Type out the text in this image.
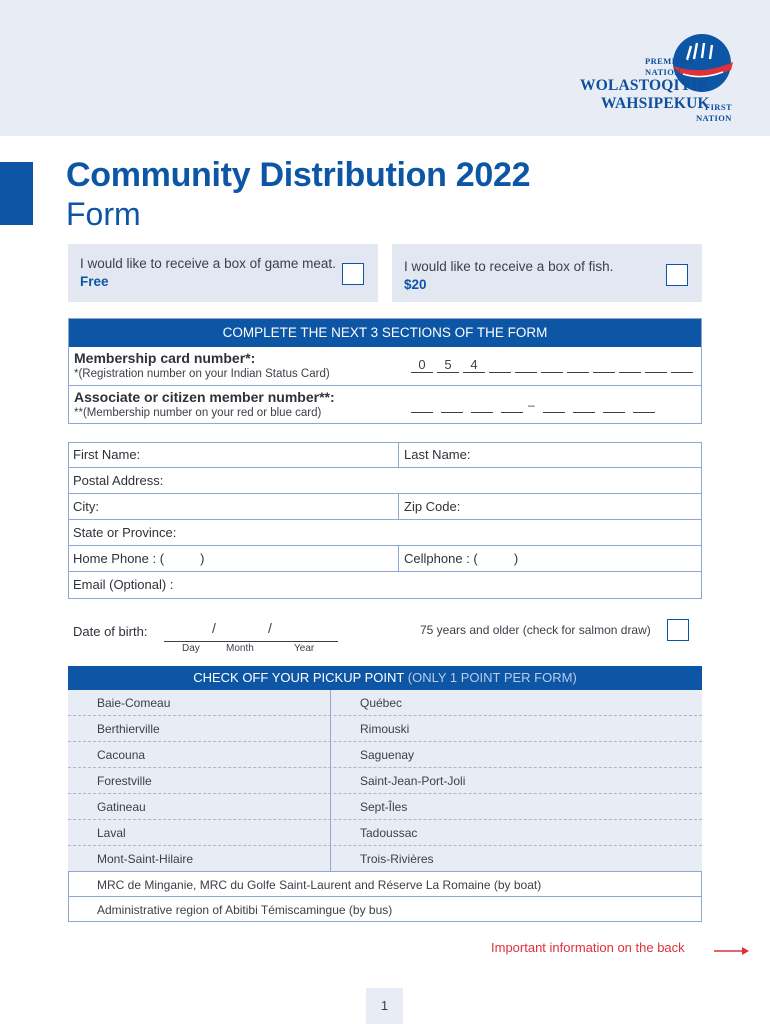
PREMIÈRE
NATION
WOLASTOQIYIK
WAHSIPEKUK
FIRST
NATION
Community Distribution 2022
Form
I would like to receive a box of game meat.
Free
I would like to receive a box of fish.
$20
COMPLETE THE NEXT 3 SECTIONS OF THE FORM
Membership card number*:
*(Registration number on your Indian Status Card)
0	5	4
Associate or citizen member number**:
**(Membership number on your red or blue card)
–
First Name:	Last Name:
Postal Address:
City:	Zip Code:
State or Province:
Home Phone : (          )	Cellphone : (          )
Email (Optional) :
Date of birth:	/	/
Day	Month	Year
75 years and older (check for salmon draw)
CHECK OFF YOUR PICKUP POINT (ONLY 1 POINT PER FORM)
Baie-Comeau	Québec
Berthierville	Rimouski
Cacouna	Saguenay
Forestville	Saint-Jean-Port-Joli
Gatineau	Sept-Îles
Laval	Tadoussac
Mont-Saint-Hilaire	Trois-Rivières
MRC de Minganie, MRC du Golfe Saint-Laurent and Réserve La Romaine (by boat)
Administrative region of Abitibi Témiscamingue (by bus)
Important information on the back
1
